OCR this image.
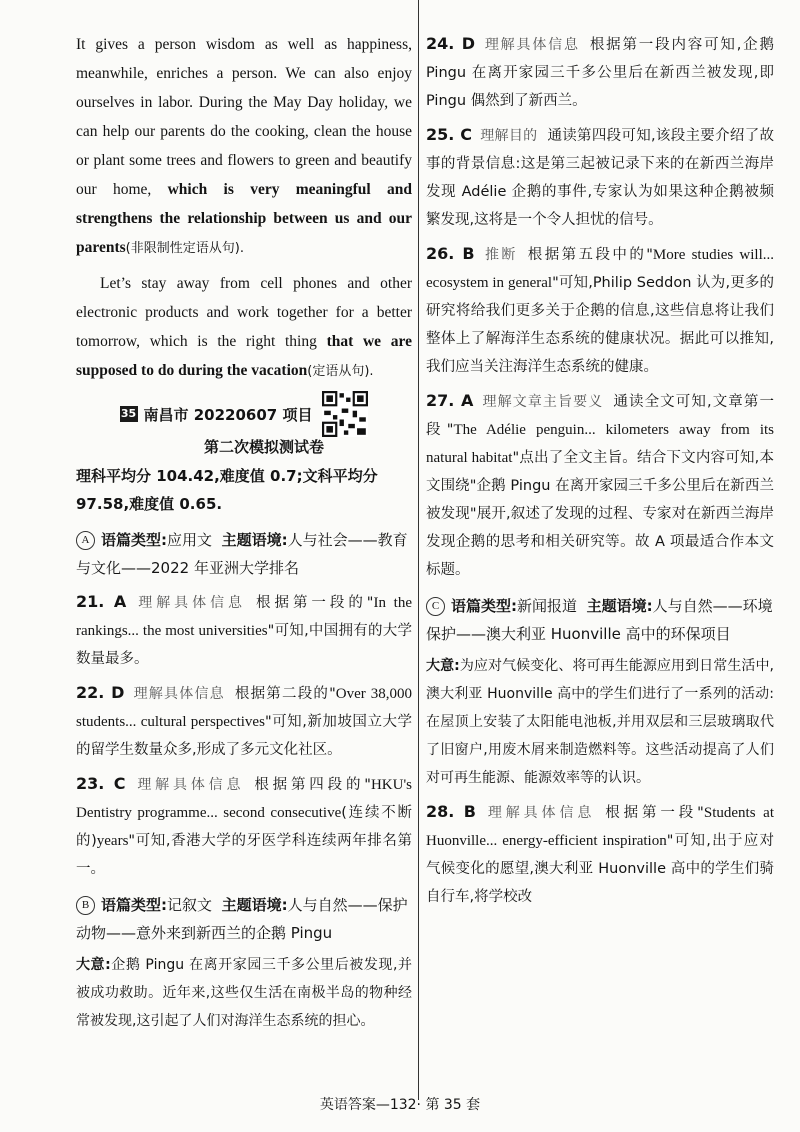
It gives a person wisdom as well as happiness, meanwhile, enriches a person. We can also enjoy ourselves in labor. During the May Day holiday, we can help our parents do the cooking, clean the house or plant some trees and flowers to green and beautify our home, which is very meaningful and strengthens the relationship between us and our parents(非限制性定语从句).

Let’s stay away from cell phones and other electronic products and work together for a better tomorrow, which is the right thing that we are supposed to do during the vacation(定语从句).

35 南昌市 20220607 项目
第二次模拟测试卷

理科平均分 104.42,难度值 0.7;文科平均分 97.58,难度值 0.65.

A 语篇类型:应用文 主题语境:人与社会——教育与文化——2022 年亚洲大学排名
21. A 理解具体信息 根据第一段的"In the rankings... the most universities"可知,中国拥有的大学数量最多。
22. D 理解具体信息 根据第二段的"Over 38,000 students... cultural perspectives"可知,新加坡国立大学的留学生数量众多,形成了多元文化社区。
23. C 理解具体信息 根据第四段的"HKU's Dentistry programme... second consecutive(连续不断的)years"可知,香港大学的牙医学科连续两年排名第一。
B 语篇类型:记叙文 主题语境:人与自然——保护动物——意外来到新西兰的企鹅 Pingu
大意:企鹅 Pingu 在离开家园三千多公里后被发现,并被成功救助。近年来,这些仅生活在南极半岛的物种经常被发现,这引起了人们对海洋生态系统的担心。
24. D 理解具体信息 根据第一段内容可知,企鹅 Pingu 在离开家园三千多公里后在新西兰被发现,即 Pingu 偶然到了新西兰。
25. C 理解目的 通读第四段可知,该段主要介绍了故事的背景信息:这是第三起被记录下来的在新西兰海岸发现 Adélie 企鹅的事件,专家认为如果这种企鹅被频繁发现,这将是一个令人担忧的信号。
26. B 推断 根据第五段中的"More studies will... ecosystem in general"可知,Philip Seddon 认为,更多的研究将给我们更多关于企鹅的信息,这些信息将让我们整体上了解海洋生态系统的健康状况。据此可以推知,我们应当关注海洋生态系统的健康。
27. A 理解文章主旨要义 通读全文可知,文章第一段"The Adélie penguin... kilometers away from its natural habitat"点出了全文主旨。结合下文内容可知,本文围绕"企鹅 Pingu 在离开家园三千多公里后在新西兰被发现"展开,叙述了发现的过程、专家对在新西兰海岸发现企鹅的思考和相关研究等。故 A 项最适合作本文标题。
C 语篇类型:新闻报道 主题语境:人与自然——环境保护——澳大利亚 Huonville 高中的环保项目
大意:为应对气候变化、将可再生能源应用到日常生活中,澳大利亚 Huonville 高中的学生们进行了一系列的活动:在屋顶上安装了太阳能电池板,并用双层和三层玻璃取代了旧窗户,用废木屑来制造燃料等。这些活动提高了人们对可再生能源、能源效率等的认识。
28. B 理解具体信息 根据第一段"Students at Huonville... energy-efficient inspiration"可知,出于应对气候变化的愿望,澳大利亚 Huonville 高中的学生们骑自行车,将学校改
英语答案—132· 第 35 套
